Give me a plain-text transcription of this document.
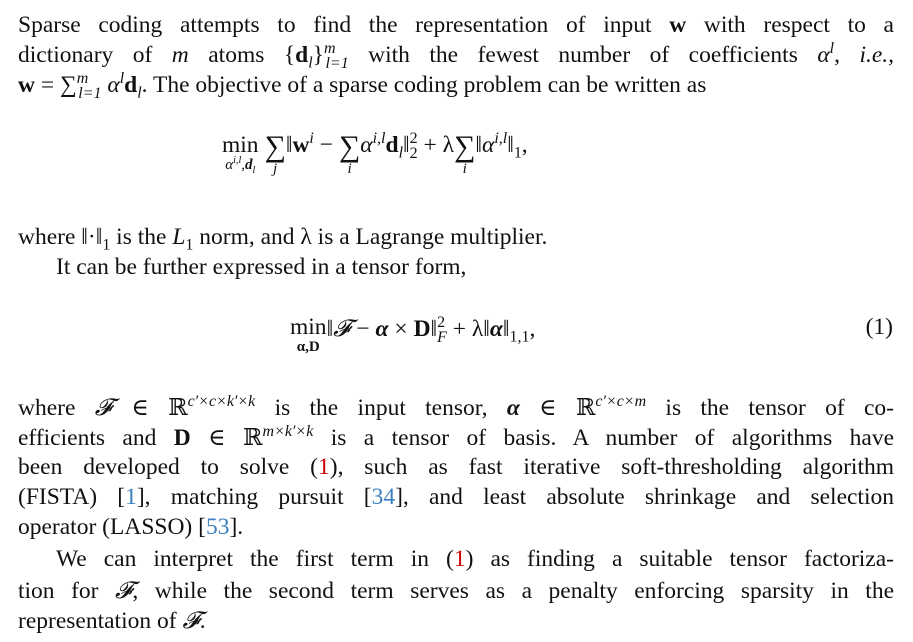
Sparse coding attempts to find the representation of input w with respect to a
dictionary of m atoms $\{d_l\}^m_{l=1}$ with the fewest number of coefficients $\alpha^l$, i.e.,
w = ∑$^m_{l=1}$ $\alpha^ld_l$. The objective of a sparse coding problem can be written as
min
$\alpha^{i,l},d_l$
∑
j
$‖w^i$ − ∑
i
$\alpha^{i,l}d_l‖^2_2 + \lambda\sum$
i
$‖\alpha^{i,l}‖_1$,
where $‖\cdot‖_1$ is the $L_1$ norm, and λ is a Lagrange multiplier.
It can be further expressed in a tensor form,
min
α,D
‖𝓕 − α × D‖$^2_F$ + $\lambda‖\alpha‖_{1,1}$,	(1)
where 𝓕 ∈ ℝ$^{c'\times c\times k'\times k}$ is the input tensor, α ∈ ℝ$^{c'\times c\times m}$ is the tensor of co-
efficients and D ∈ ℝ$^{m\times k'\times k}$ is a tensor of basis. A number of algorithms have
been developed to solve (1), such as fast iterative soft-thresholding algorithm
(FISTA) [1], matching pursuit [34], and least absolute shrinkage and selection
operator (LASSO) [53].
We can interpret the first term in (1) as finding a suitable tensor factoriza-
tion for 𝓕, while the second term serves as a penalty enforcing sparsity in the
representation of 𝓕.
